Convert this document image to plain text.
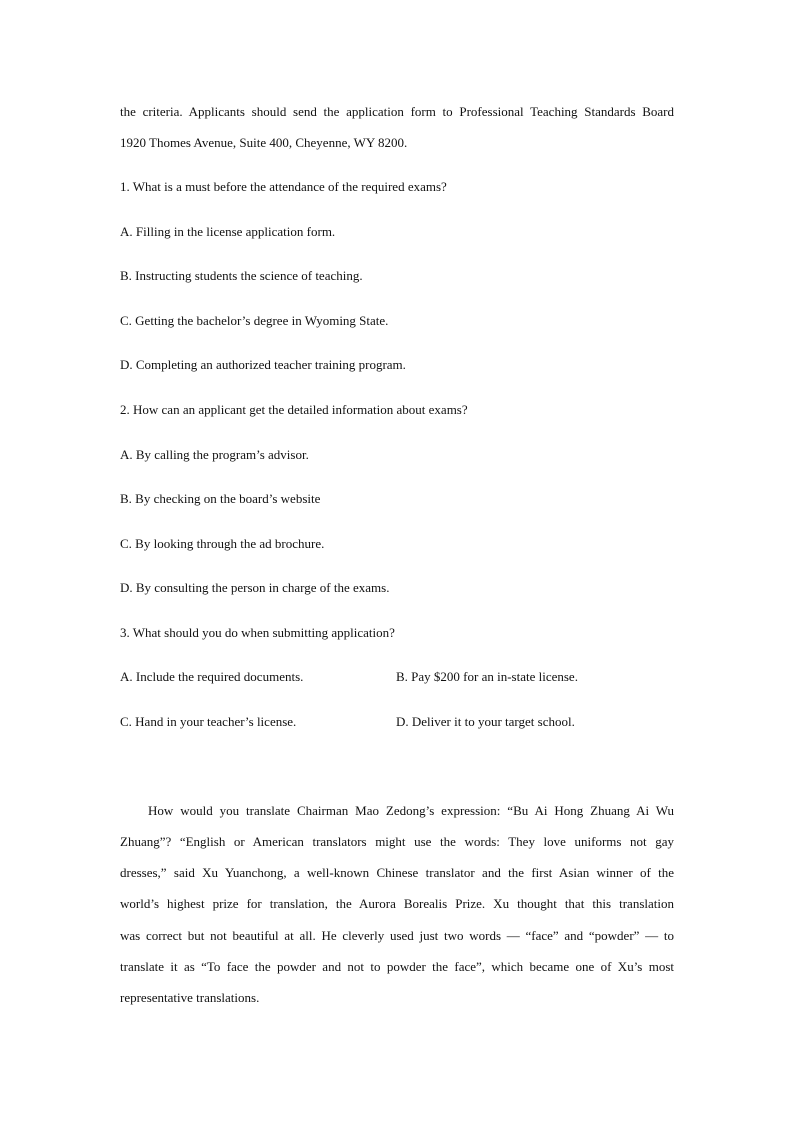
the criteria. Applicants should send the application form to Professional Teaching Standards Board
1920 Thomes Avenue, Suite 400, Cheyenne, WY 8200.
1. What is a must before the attendance of the required exams?
A. Filling in the license application form.
B. Instructing students the science of teaching.
C. Getting the bachelor’s degree in Wyoming State.
D. Completing an authorized teacher training program.
2. How can an applicant get the detailed information about exams?
A. By calling the program’s advisor.
B. By checking on the board’s website
C. By looking through the ad brochure.
D. By consulting the person in charge of the exams.
3. What should you do when submitting application?
A. Include the required documents.	B. Pay $200 for an in-state license.
C. Hand in your teacher’s license.	D. Deliver it to your target school.
How would you translate Chairman Mao Zedong’s expression: “Bu Ai Hong Zhuang Ai Wu
Zhuang”? “English or American translators might use the words: They love uniforms not gay
dresses,” said Xu Yuanchong, a well-known Chinese translator and the first Asian winner of the
world’s highest prize for translation, the Aurora Borealis Prize. Xu thought that this translation
was correct but not beautiful at all. He cleverly used just two words — “face” and “powder” — to
translate it as “To face the powder and not to powder the face”, which became one of Xu’s most
representative translations.
